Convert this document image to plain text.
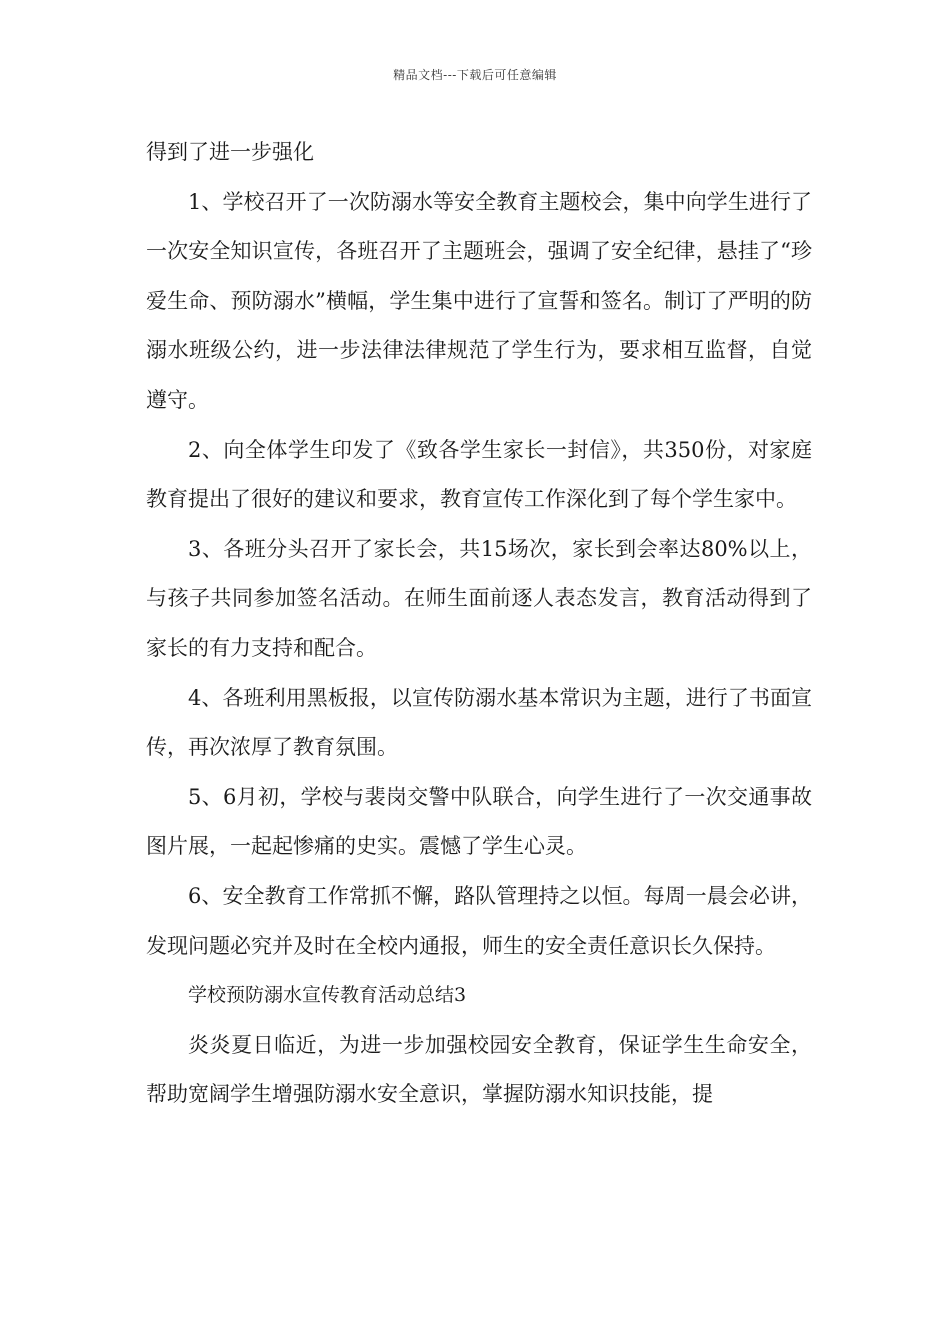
精品文档---下载后可任意编辑

得到了进一步强化

1、学校召开了一次防溺水等安全教育主题校会，集中向学生进行了一次安全知识宣传，各班召开了主题班会，强调了安全纪律，悬挂了“珍爱生命、预防溺水”横幅，学生集中进行了宣誓和签名。制订了严明的防溺水班级公约，进一步法律法律规范了学生行为，要求相互监督，自觉遵守。

2、向全体学生印发了《致各学生家长一封信》，共350份，对家庭教育提出了很好的建议和要求，教育宣传工作深化到了每个学生家中。

3、各班分头召开了家长会，共15场次，家长到会率达80%以上，与孩子共同参加签名活动。在师生面前逐人表态发言，教育活动得到了家长的有力支持和配合。

4、各班利用黑板报，以宣传防溺水基本常识为主题，进行了书面宣传，再次浓厚了教育氛围。

5、6月初，学校与裴岗交警中队联合，向学生进行了一次交通事故图片展，一起起惨痛的史实。震憾了学生心灵。

6、安全教育工作常抓不懈，路队管理持之以恒。每周一晨会必讲，发现问题必究并及时在全校内通报，师生的安全责任意识长久保持。

学校预防溺水宣传教育活动总结3

炎炎夏日临近，为进一步加强校园安全教育，保证学生生命安全，帮助宽阔学生增强防溺水安全意识，掌握防溺水知识技能，提
